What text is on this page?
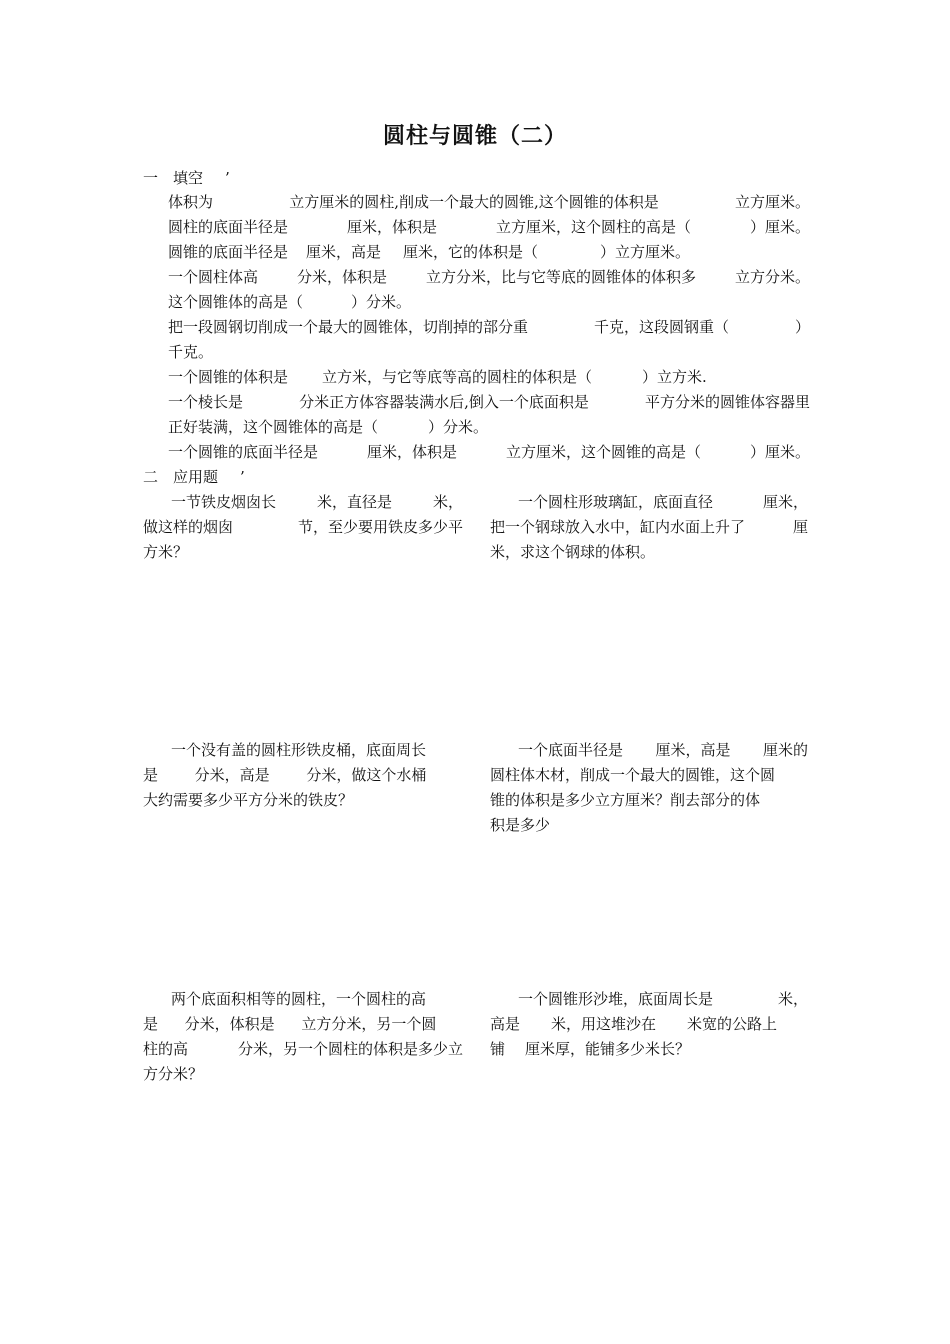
圆柱与圆锥（二）
一　填空 ’
体积为	立方厘米的圆柱,削成一个最大的圆锥,这个圆锥的体积是	立方厘米。
圆柱的底面半径是	厘米，体积是	立方厘米，这个圆柱的高是（	）厘米。
圆锥的底面半径是 厘米，高是 厘米，它的体积是（	）立方厘米。
一个圆柱体高	分米，体积是	立方分米，比与它等底的圆锥体的体积多	立方分米。
这个圆锥体的高是（	）分米。
把一段圆钢切削成一个最大的圆锥体，切削掉的部分重	千克，这段圆钢重（	）
千克。
一个圆锥的体积是 立方米，与它等底等高的圆柱的体积是（	）立方米.
一个棱长是	分米正方体容器装满水后,倒入一个底面积是	平方分米的圆锥体容器里
正好装满，这个圆锥体的高是（	）分米。
一个圆锥的底面半径是	厘米，体积是	立方厘米，这个圆锥的高是（	）厘米。
二　应用题 ’
一节铁皮烟囱长	米，直径是	米，
做这样的烟囱	节，至少要用铁皮多少平
方米？
一个圆柱形玻璃缸，底面直径	厘米，
把一个钢球放入水中，缸内水面上升了	厘
米，求这个钢球的体积。
一个没有盖的圆柱形铁皮桶，底面周长
是 分米，高是 分米，做这个水桶
大约需要多少平方分米的铁皮？
一个底面半径是 厘米，高是 厘米的
圆柱体木材，削成一个最大的圆锥，这个圆
锥的体积是多少立方厘米？削去部分的体
积是多少
两个底面积相等的圆柱，一个圆柱的高
是 分米，体积是 立方分米，另一个圆
柱的高	分米，另一个圆柱的体积是多少立
方分米？
一个圆锥形沙堆，底面周长是	米，
高是 米，用这堆沙在 米宽的公路上
铺 厘米厚，能铺多少米长？
